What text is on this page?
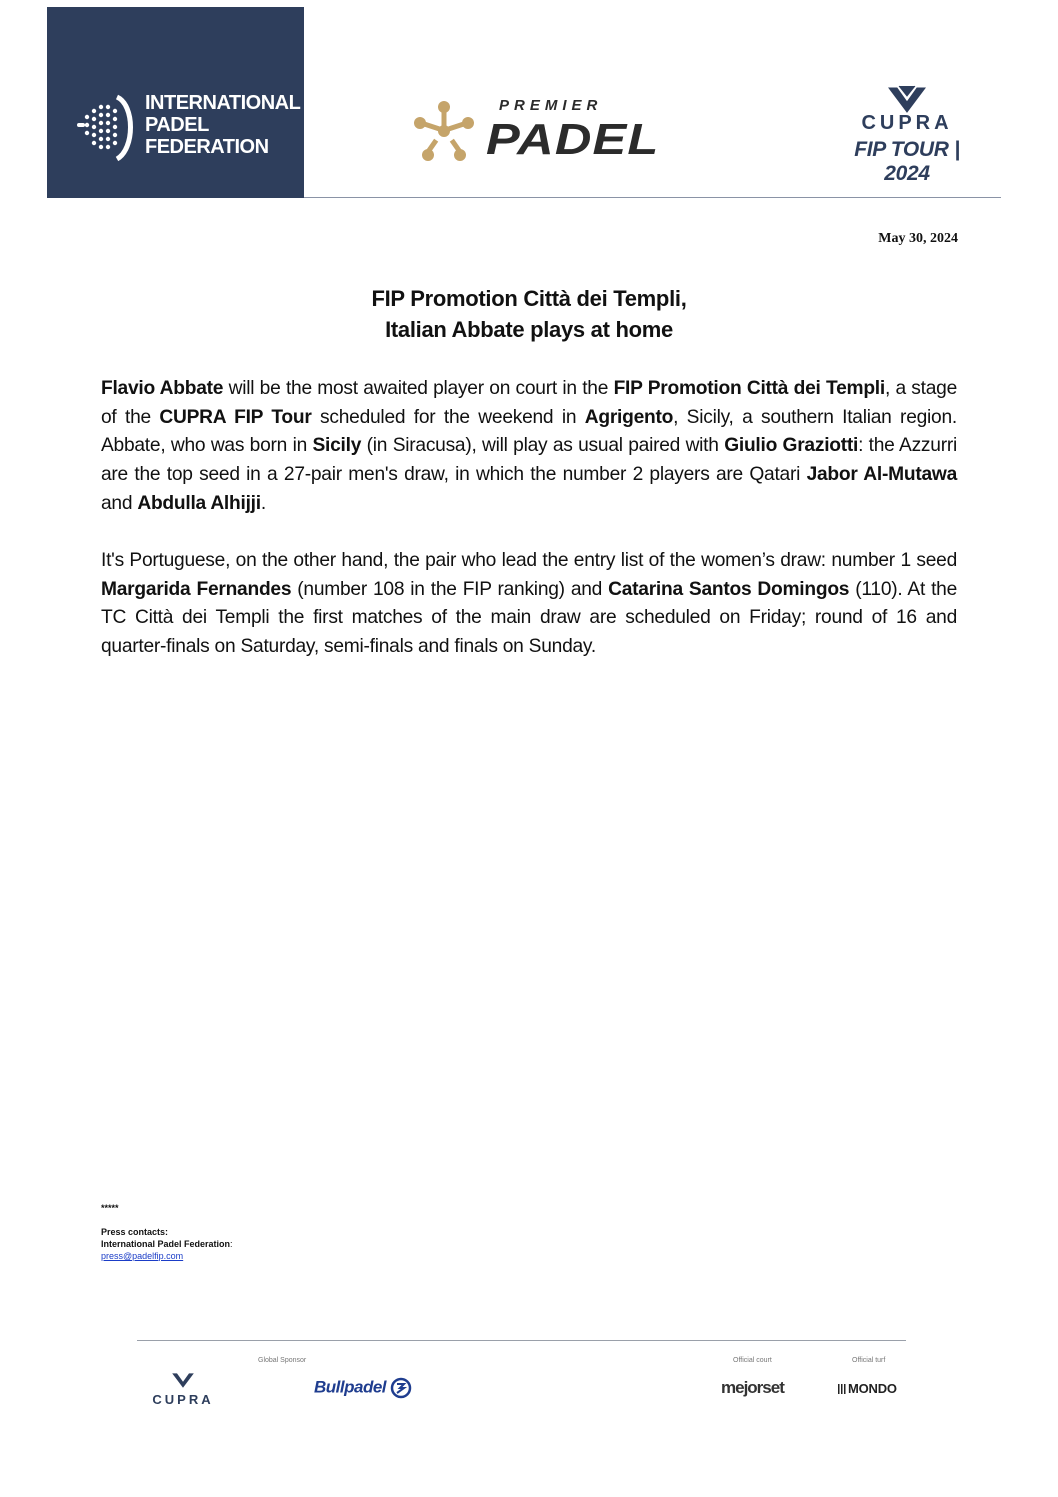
INTERNATIONAL
PADEL
FEDERATION
PREMIER
PADEL	CUPRA
FIP TOUR | 2024
May 30, 2024
FIP Promotion Città dei Templi,
Italian Abbate plays at home

Flavio Abbate will be the most awaited player on court in the FIP Promotion Città dei Templi, a stage of the CUPRA FIP Tour scheduled for the weekend in Agrigento, Sicily, a southern Italian region. Abbate, who was born in Sicily (in Siracusa), will play as usual paired with Giulio Graziotti: the Azzurri are the top seed in a 27-pair men's draw, in which the number 2 players are Qatari Jabor Al-Mutawa and Abdulla Alhijji.

It's Portuguese, on the other hand, the pair who lead the entry list of the women’s draw: number 1 seed Margarida Fernandes (number 108 in the FIP ranking) and Catarina Santos Domingos (110). At the TC Città dei Templi the first matches of the main draw are scheduled on Friday; round of 16 and quarter-finals on Saturday, semi-finals and finals on Sunday.

*****
Press contacts:
International Padel Federation:
press@padelfip.com
Global Sponsor	Official court	Official turf
CUPRA
Bullpadel	mejorset	MONDO
